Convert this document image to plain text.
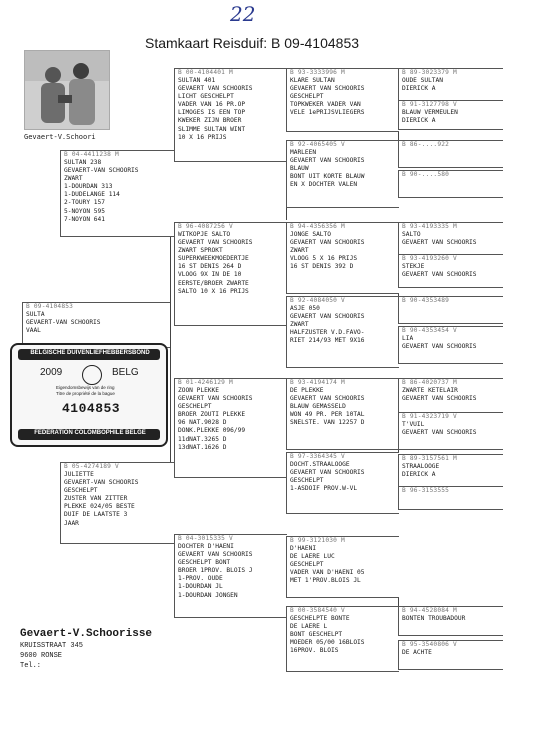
22
Stamkaart Reisduif: B 09-4104853
Gevaert-V.Schoori
B 09-4104853
SULTA
GEVAERT-VAN SCHOORIS
VAAL
BELGISCHE DUIVENLIEFHEBBERSBOND
2009	BELG
Eigendomsbewijs van de ring
Titre de propriété de la bague
4104853
FEDERATION COLOMBOPHILE BELGE
B 04-4411238 M
SULTAN 238
GEVAERT-VAN SCHOORIS
ZWART
1-DOURDAN 313
1-DUDELANGE 114
2-TOURY 157
5-NOYON 595
7-NOYON 641
B 05-4274189 V
JULIETTE
GEVAERT-VAN SCHOORIS
GESCHELPT
ZUSTER VAN ZITTER
PLEKKE 024/05 BESTE
DUIF DE LAATSTE 3
JAAR
B 00-4104401 M
SULTAN 401
GEVAERT VAN SCHOORIS
LICHT GESCHELPT
VADER VAN 16 PR.OP
LIMOGES IS EEN TOP
KWEKER ZIJN BROER
SLIMME SULTAN WINT
10 X 16 PRIJS
B 96-4087256 V
WITKOPJE SALTO
GEVAERT VAN SCHOORIS
ZWART SPROKT
SUPERKWEEKMOEDERTJE
16 ST DENIS 264 D
VLOOG 9X IN DE 10
EERSTE/BROER ZWARTE
SALTO 10 X 16 PRIJS
B 01-4246129 M
ZOON PLEKKE
GEVAERT VAN SCHOORIS
GESCHELPT
BROER ZOUTI PLEKKE
96 NAT.9028 D
DONK.PLEKKE 096/99
11dNAT.3265 D
13dNAT.1626 D
B 04-3015335 V
DOCHTER D'HAENI
GEVAERT VAN SCHOORIS
GESCHELPT BONT
BROER 1PROV. BLOIS J
1-PROV. OUDE
1-DOURDAN JL
1-DOURDAN JONGEN
B 93-3333996 M
KLARE SULTAN
GEVAERT VAN SCHOORIS
GESCHELPT
TOPKWEKER VADER VAN
VELE 1ePRIJSVLIEGERS
B 92-4065405 V
MARLEEN
GEVAERT VAN SCHOORIS
BLAUW
BONT UIT KORTE BLAUW
EN X DOCHTER VALEN
B 94-4356356 M
JONGE SALTO
GEVAERT VAN SCHOORIS
ZWART
VLOOG 5 X 16 PRIJS
16 ST DENIS 392 D
B 92-4084050 V
ASJE 050
GEVAERT VAN SCHOORIS
ZWART
HALFZUSTER V.D.FAVO-
RIET 214/93 MET 9X16
B 93-4194174 M
DE PLEKKE
GEVAERT VAN SCHOORIS
BLAUW GEMASSELD
WON 49 PR. PER 10TAL
SNELSTE. VAN 12257 D
B 97-3364345 V
DOCHT.STRAALOOGE
GEVAERT VAN SCHOORIS
GESCHELPT
1-ASDOIF PROV.W-VL
B 99-3121030 M
D'HAENI
DE LAERE LUC
GESCHELPT
VADER VAN D'HAENI 05
MET 1'PROV.BLOIS JL
B 00-3584540 V
GESCHELPTE BONTE
DE LAERE L
BONT GESCHELPT
MOEDER 05/00 16BLOIS
16PROV. BLOIS
B 89-3023379 M
OUDE SULTAN
DIERICK A
B 91-3127798 V
BLAUW VERMEULEN
DIERICK A
B 86-....922
B 90-....580
B 93-4193335 M
SALTO
GEVAERT VAN SCHOORIS
B 93-4193260 V
STEKJE
GEVAERT VAN SCHOORIS
B 90-4353489
B 90-4353454 V
LIA
GEVAERT VAN SCHOORIS
B 86-4020737 M
ZWARTE KETELAIR
GEVAERT VAN SCHOORIS
B 91-4323719 V
T'VUIL
GEVAERT VAN SCHOORIS
B 89-3157561 M
STRAALOOGE
DIERICK A
B 96-3153555
B 94-4528084 M
BONTEN TROUBADOUR
B 95-3540806 V
DE ACHTE
Gevaert-V.Schoorisse
KRUISSTRAAT 345
9600 RONSE
Tel.:
